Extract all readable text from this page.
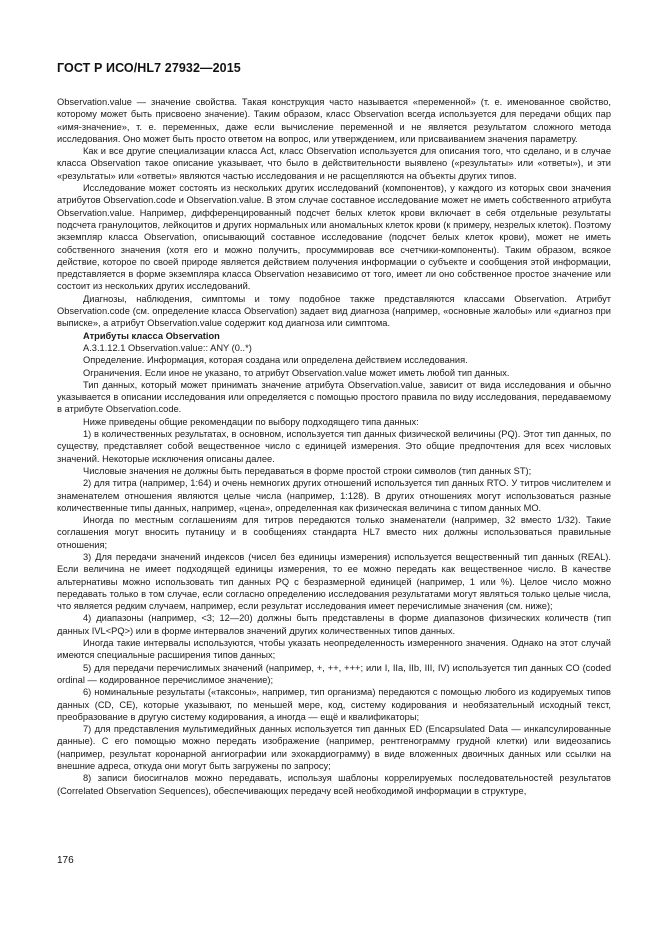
ГОСТ Р ИСО/HL7 27932—2015

Observation.value — значение свойства. Такая конструкция часто называется «переменной» (т. е. именованное свойство, которому может быть присвоено значение). Таким образом, класс Observation всегда используется для передачи общих пар «имя-значение», т. е. переменных, даже если вычисление переменной и не является результатом сложного метода исследования. Оно может быть просто ответом на вопрос, или утверждением, или присваиванием значения параметру.

Как и все другие специализации класса Act, класс Observation используется для описания того, что сделано, и в случае класса Observation такое описание указывает, что было в действительности выявлено («результаты» или «ответы»), и эти «результаты» или «ответы» являются частью исследования и не расщепляются на объекты других типов.

Исследование может состоять из нескольких других исследований (компонентов), у каждого из которых свои значения атрибутов Observation.code и Observation.value. В этом случае составное исследование может не иметь собственного атрибута Observation.value. Например, дифференцированный подсчет белых клеток крови включает в себя отдельные результаты подсчета гранулоцитов, лейкоцитов и других нормальных или аномальных клеток крови (к примеру, незрелых клеток). Поэтому экземпляр класса Observation, описывающий составное исследование (подсчет белых клеток крови), может не иметь собственного значения (хотя его и можно получить, просуммировав все счетчики-компоненты). Таким образом, всякое действие, которое по своей природе является действием получения информации о субъекте и сообщения этой информации, представляется в форме экземпляра класса Observation независимо от того, имеет ли оно собственное простое значение или состоит из нескольких других исследований.

Диагнозы, наблюдения, симптомы и тому подобное также представляются классами Observation. Атрибут Observation.code (см. определение класса Observation) задает вид диагноза (например, «основные жалобы» или «диагноз при выписке», а атрибут Observation.value содержит код диагноза или симптома.

Атрибуты класса Observation

А.3.1.12.1 Observation.value:: ANY (0..*)

Определение. Информация, которая создана или определена действием исследования.

Ограничения. Если иное не указано, то атрибут Observation.value может иметь любой тип данных.

Тип данных, который может принимать значение атрибута Observation.value, зависит от вида исследования и обычно указывается в описании исследования или определяется с помощью простого правила по виду исследования, передаваемому в атрибуте Observation.code.

Ниже приведены общие рекомендации по выбору подходящего типа данных:

1) в количественных результатах, в основном, используется тип данных физической величины (PQ). Этот тип данных, по существу, представляет собой вещественное число с единицей измерения. Это общие предпочтения для всех числовых значений. Некоторые исключения описаны далее.

Числовые значения не должны быть передаваться в форме простой строки символов (тип данных ST);

2) для титра (например, 1:64) и очень немногих других отношений используется тип данных RTO. У титров числителем и знаменателем отношения являются целые числа (например, 1:128). В других отношениях могут использоваться разные количественные типы данных, например, «цена», определенная как физическая величина с типом данных МО.

Иногда по местным соглашениям для титров передаются только знаменатели (например, 32 вместо 1/32). Такие соглашения могут вносить путаницу и в сообщениях стандарта HL7 вместо них должны использоваться правильные отношения;

3) Для передачи значений индексов (чисел без единицы измерения) используется вещественный тип данных (REAL). Если величина не имеет подходящей единицы измерения, то ее можно передать как вещественное число. В качестве альтернативы можно использовать тип данных PQ с безразмерной единицей (например, 1 или %). Целое число можно передавать только в том случае, если согласно определению исследования результатами могут являться только целые числа, что является редким случаем, например, если результат исследования имеет перечислимые значения (см. ниже);

4) диапазоны (например, <3; 12—20) должны быть представлены в форме диапазонов физических количеств (тип данных IVL<PQ>) или в форме интервалов значений других количественных типов данных.

Иногда такие интервалы используются, чтобы указать неопределенность измеренного значения. Однако на этот случай имеются специальные расширения типов данных;

5) для передачи перечислимых значений (например, +, ++, +++; или I, IIa, IIb, III, IV) используется тип данных CO (coded ordinal — кодированное перечислимое значение);

6) номинальные результаты («таксоны», например, тип организма) передаются с помощью любого из кодируемых типов данных (CD, CE), которые указывают, по меньшей мере, код, систему кодирования и необязательный исходный текст, преобразование в другую систему кодирования, а иногда — ещё и квалификаторы;

7) для представления мультимедийных данных используется тип данных ED (Encapsulated Data — инкапсулированные данные). С его помощью можно передать изображение (например, рентгенограмму грудной клетки) или видеозапись (например, результат коронарной ангиографии или эхокардиограмму) в виде вложенных двоичных данных или ссылки на внешние адреса, откуда они могут быть загружены по запросу;

8) записи биосигналов можно передавать, используя шаблоны коррелируемых последовательностей результатов (Correlated Observation Sequences), обеспечивающих передачу всей необходимой информации в структуре,

176
